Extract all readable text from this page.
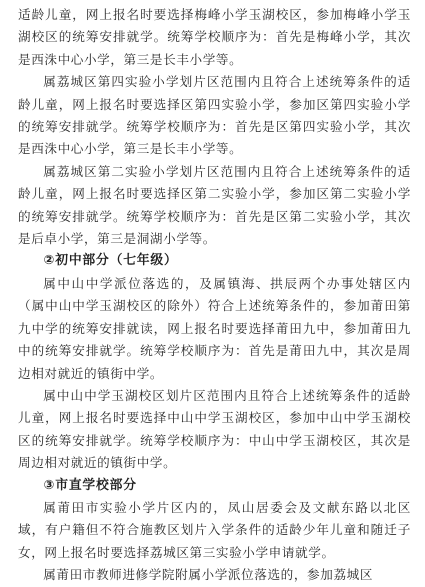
适龄儿童，网上报名时要选择梅峰小学玉湖校区，参加梅峰小学玉湖校区的统筹安排就学。统筹学校顺序为：首先是梅峰小学，其次是西洙中心小学，第三是长丰小学等。

属荔城区第四实验小学划片区范围内且符合上述统筹条件的适龄儿童，网上报名时要选择区第四实验小学，参加区第四实验小学的统筹安排就学。统筹学校顺序为：首先是区第四实验小学，其次是西洙中心小学，第三是长丰小学等。

属荔城区第二实验小学划片区范围内且符合上述统筹条件的适龄儿童，网上报名时要选择区第二实验小学，参加区第二实验小学的统筹安排就学。统筹学校顺序为：首先是区第二实验小学，其次是后卓小学，第三是洞湖小学等。

②初中部分（七年级）

属中山中学派位落选的，及属镇海、拱辰两个办事处辖区内（属中山中学玉湖校区的除外）符合上述统筹条件的，参加莆田第九中学的统筹安排就读，网上报名时要选择莆田九中，参加莆田九中的统筹安排就学。统筹学校顺序为：首先是莆田九中，其次是周边相对就近的镇街中学。

属中山中学玉湖校区划片区范围内且符合上述统筹条件的适龄儿童，网上报名时要选择中山中学玉湖校区，参加中山中学玉湖校区的统筹安排就学。统筹学校顺序为：中山中学玉湖校区，其次是周边相对就近的镇街中学。

③市直学校部分

属莆田市实验小学片区内的，凤山居委会及文献东路以北区域，有户籍但不符合施教区划片入学条件的适龄少年儿童和随迁子女，网上报名时要选择荔城区第三实验小学申请就学。

属莆田市教师进修学院附属小学派位落选的，参加荔城区
